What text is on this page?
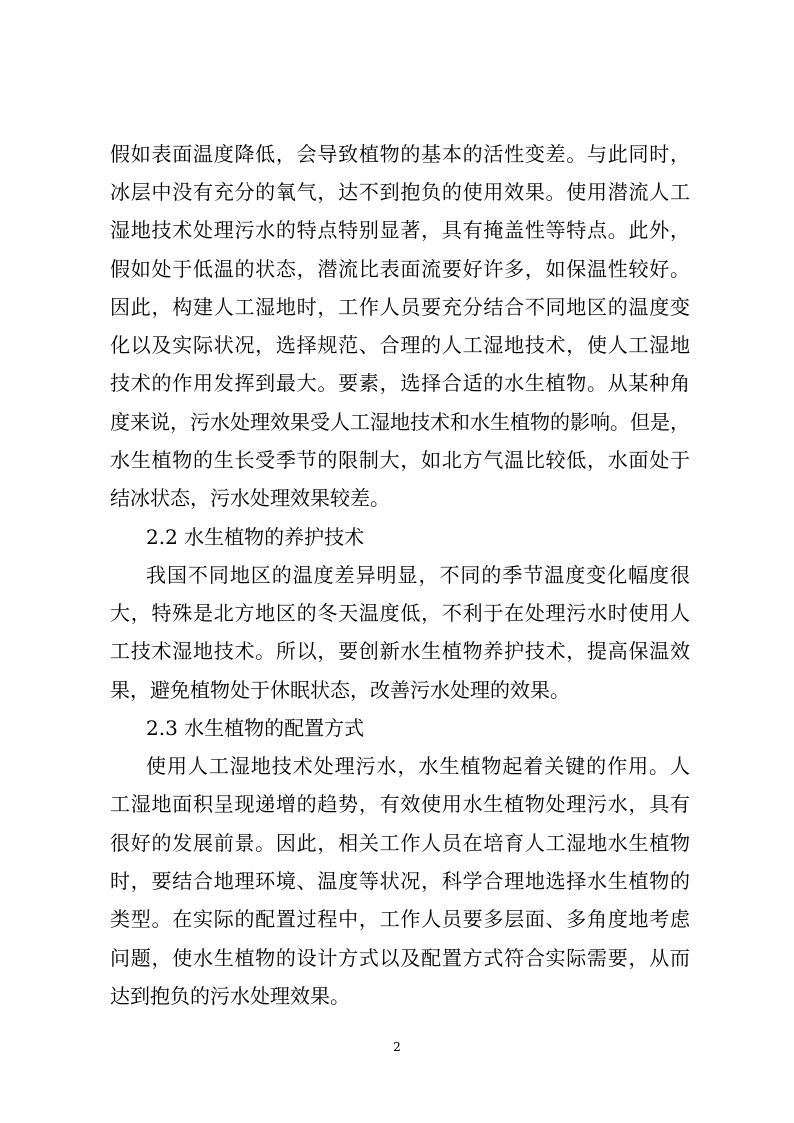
假如表面温度降低，会导致植物的基本的活性变差。与此同时，
冰层中没有充分的氧气，达不到抱负的使用效果。使用潜流人工
湿地技术处理污水的特点特别显著，具有掩盖性等特点。此外，
假如处于低温的状态，潜流比表面流要好许多，如保温性较好。
因此，构建人工湿地时，工作人员要充分结合不同地区的温度变
化以及实际状况，选择规范、合理的人工湿地技术，使人工湿地
技术的作用发挥到最大。要素，选择合适的水生植物。从某种角
度来说，污水处理效果受人工湿地技术和水生植物的影响。但是，
水生植物的生长受季节的限制大，如北方气温比较低，水面处于
结冰状态，污水处理效果较差。
2.2 水生植物的养护技术
我国不同地区的温度差异明显，不同的季节温度变化幅度很
大，特殊是北方地区的冬天温度低，不利于在处理污水时使用人
工技术湿地技术。所以，要创新水生植物养护技术，提高保温效
果，避免植物处于休眠状态，改善污水处理的效果。
2.3 水生植物的配置方式
使用人工湿地技术处理污水，水生植物起着关键的作用。人
工湿地面积呈现递增的趋势，有效使用水生植物处理污水，具有
很好的发展前景。因此，相关工作人员在培育人工湿地水生植物
时，要结合地理环境、温度等状况，科学合理地选择水生植物的
类型。在实际的配置过程中，工作人员要多层面、多角度地考虑
问题，使水生植物的设计方式以及配置方式符合实际需要，从而
达到抱负的污水处理效果。
2
